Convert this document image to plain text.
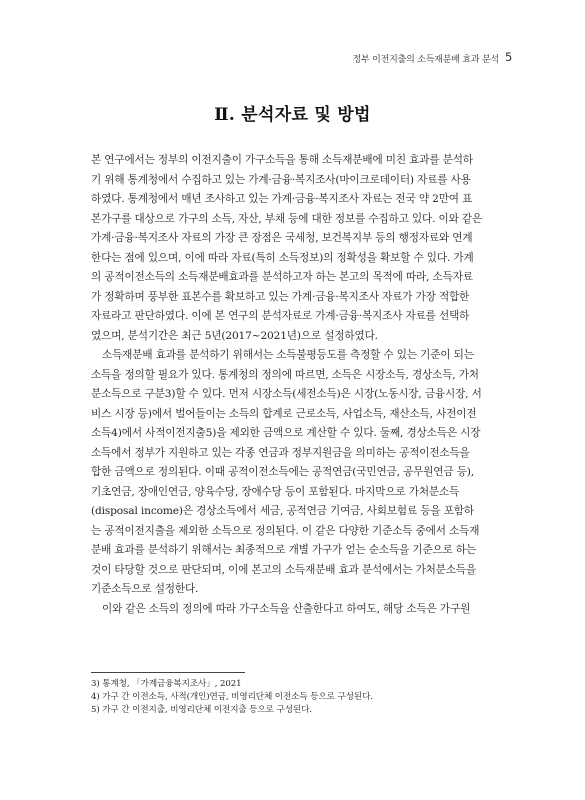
정부 이전지출의 소득재분배 효과 분석 5
Ⅱ. 분석자료 및 방법
본 연구에서는 정부의 이전지출이 가구소득을 통해 소득재분배에 미친 효과를 분석하
기 위해 통계청에서 수집하고 있는 가계·금융·복지조사(마이크로데이터) 자료를 사용
하였다. 통계청에서 매년 조사하고 있는 가계·금융·복지조사 자료는 전국 약 2만여 표
본가구를 대상으로 가구의 소득, 자산, 부채 등에 대한 정보를 수집하고 있다. 이와 같은
가계·금융·복지조사 자료의 가장 큰 장점은 국세청, 보건복지부 등의 행정자료와 연계
한다는 점에 있으며, 이에 따라 자료(특히 소득정보)의 정확성을 확보할 수 있다. 가계
의 공적이전소득의 소득재분배효과를 분석하고자 하는 본고의 목적에 따라, 소득자료
가 정확하며 풍부한 표본수를 확보하고 있는 가계·금융·복지조사 자료가 가장 적합한
자료라고 판단하였다. 이에 본 연구의 분석자료로 가계·금융·복지조사 자료를 선택하
였으며, 분석기간은 최근 5년(2017~2021년)으로 설정하였다.
소득재분배 효과를 분석하기 위해서는 소득불평등도를 측정할 수 있는 기준이 되는
소득을 정의할 필요가 있다. 통계청의 정의에 따르면, 소득은 시장소득, 경상소득, 가처
분소득으로 구분3)할 수 있다. 먼저 시장소득(세전소득)은 시장(노동시장, 금융시장, 서
비스 시장 등)에서 벌어들이는 소득의 합계로 근로소득, 사업소득, 재산소득, 사전이전
소득4)에서 사적이전지출5)을 제외한 금액으로 계산할 수 있다. 둘째, 경상소득은 시장
소득에서 정부가 지원하고 있는 각종 연금과 정부지원금을 의미하는 공적이전소득을
합한 금액으로 정의된다. 이때 공적이전소득에는 공적연금(국민연금, 공무원연금 등),
기초연금, 장애인연금, 양육수당, 장애수당 등이 포함된다. 마지막으로 가처분소득
(disposal income)은 경상소득에서 세금, 공적연금 기여금, 사회보험료 등을 포함하
는 공적이전지출을 제외한 소득으로 정의된다. 이 같은 다양한 기준소득 중에서 소득재
분배 효과를 분석하기 위해서는 최종적으로 개별 가구가 얻는 순소득을 기준으로 하는
것이 타당할 것으로 판단되며, 이에 본고의 소득재분배 효과 분석에서는 가처분소득을
기준소득으로 설정한다.
이와 같은 소득의 정의에 따라 가구소득을 산출한다고 하여도, 해당 소득은 가구원
3) 통계청, 「가계금융복지조사」, 2021
4) 가구 간 이전소득, 사적(개인)연금, 비영리단체 이전소득 등으로 구성된다.
5) 가구 간 이전지출, 비영리단체 이전지출 등으로 구성된다.
